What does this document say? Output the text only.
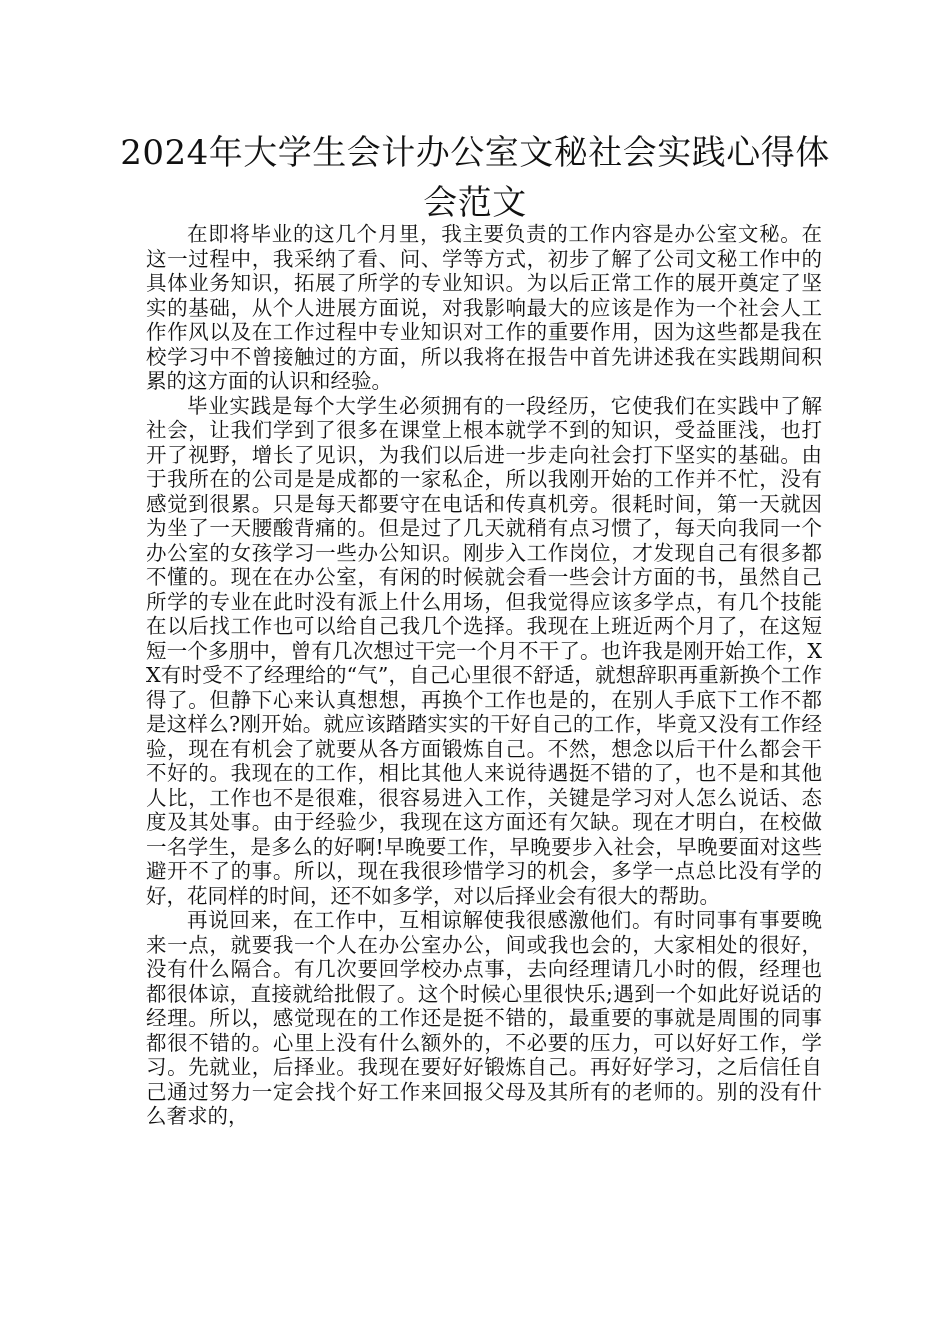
2024年大学生会计办公室文秘社会实践心得体会范文

在即将毕业的这几个月里，我主要负责的工作内容是办公室文秘。在这一过程中，我采纳了看、问、学等方式，初步了解了公司文秘工作中的具体业务知识，拓展了所学的专业知识。为以后正常工作的展开奠定了坚实的基础，从个人进展方面说，对我影响最大的应该是作为一个社会人工作作风以及在工作过程中专业知识对工作的重要作用，因为这些都是我在校学习中不曾接触过的方面，所以我将在报告中首先讲述我在实践期间积累的这方面的认识和经验。

毕业实践是每个大学生必须拥有的一段经历，它使我们在实践中了解社会，让我们学到了很多在课堂上根本就学不到的知识，受益匪浅，也打开了视野，增长了见识，为我们以后进一步走向社会打下坚实的基础。由于我所在的公司是是成都的一家私企，所以我刚开始的工作并不忙，没有感觉到很累。只是每天都要守在电话和传真机旁。很耗时间，第一天就因为坐了一天腰酸背痛的。但是过了几天就稍有点习惯了，每天向我同一个办公室的女孩学习一些办公知识。刚步入工作岗位，才发现自己有很多都不懂的。现在在办公室，有闲的时候就会看一些会计方面的书，虽然自己所学的专业在此时没有派上什么用场，但我觉得应该多学点，有几个技能在以后找工作也可以给自己我几个选择。我现在上班近两个月了，在这短短一个多朋中，曾有几次想过干完一个月不干了。也许我是刚开始工作，XX有时受不了经理给的“气”，自己心里很不舒适，就想辞职再重新换个工作得了。但静下心来认真想想，再换个工作也是的，在别人手底下工作不都是这样么?刚开始。就应该踏踏实实的干好自己的工作，毕竟又没有工作经验，现在有机会了就要从各方面锻炼自己。不然，想念以后干什么都会干不好的。我现在的工作，相比其他人来说待遇挺不错的了，也不是和其他人比，工作也不是很难，很容易进入工作，关键是学习对人怎么说话、态度及其处事。由于经验少，我现在这方面还有欠缺。现在才明白，在校做一名学生，是多么的好啊!早晚要工作，早晚要步入社会，早晚要面对这些避开不了的事。所以，现在我很珍惜学习的机会，多学一点总比没有学的好，花同样的时间，还不如多学，对以后择业会有很大的帮助。

再说回来，在工作中，互相谅解使我很感激他们。有时同事有事要晚来一点，就要我一个人在办公室办公，间或我也会的，大家相处的很好，没有什么隔合。有几次要回学校办点事，去向经理请几小时的假，经理也都很体谅，直接就给批假了。这个时候心里很快乐;遇到一个如此好说话的经理。所以，感觉现在的工作还是挺不错的，最重要的事就是周围的同事都很不错的。心里上没有什么额外的，不必要的压力，可以好好工作，学习。先就业，后择业。我现在要好好锻炼自己。再好好学习，之后信任自己通过努力一定会找个好工作来回报父母及其所有的老师的。别的没有什么奢求的，
